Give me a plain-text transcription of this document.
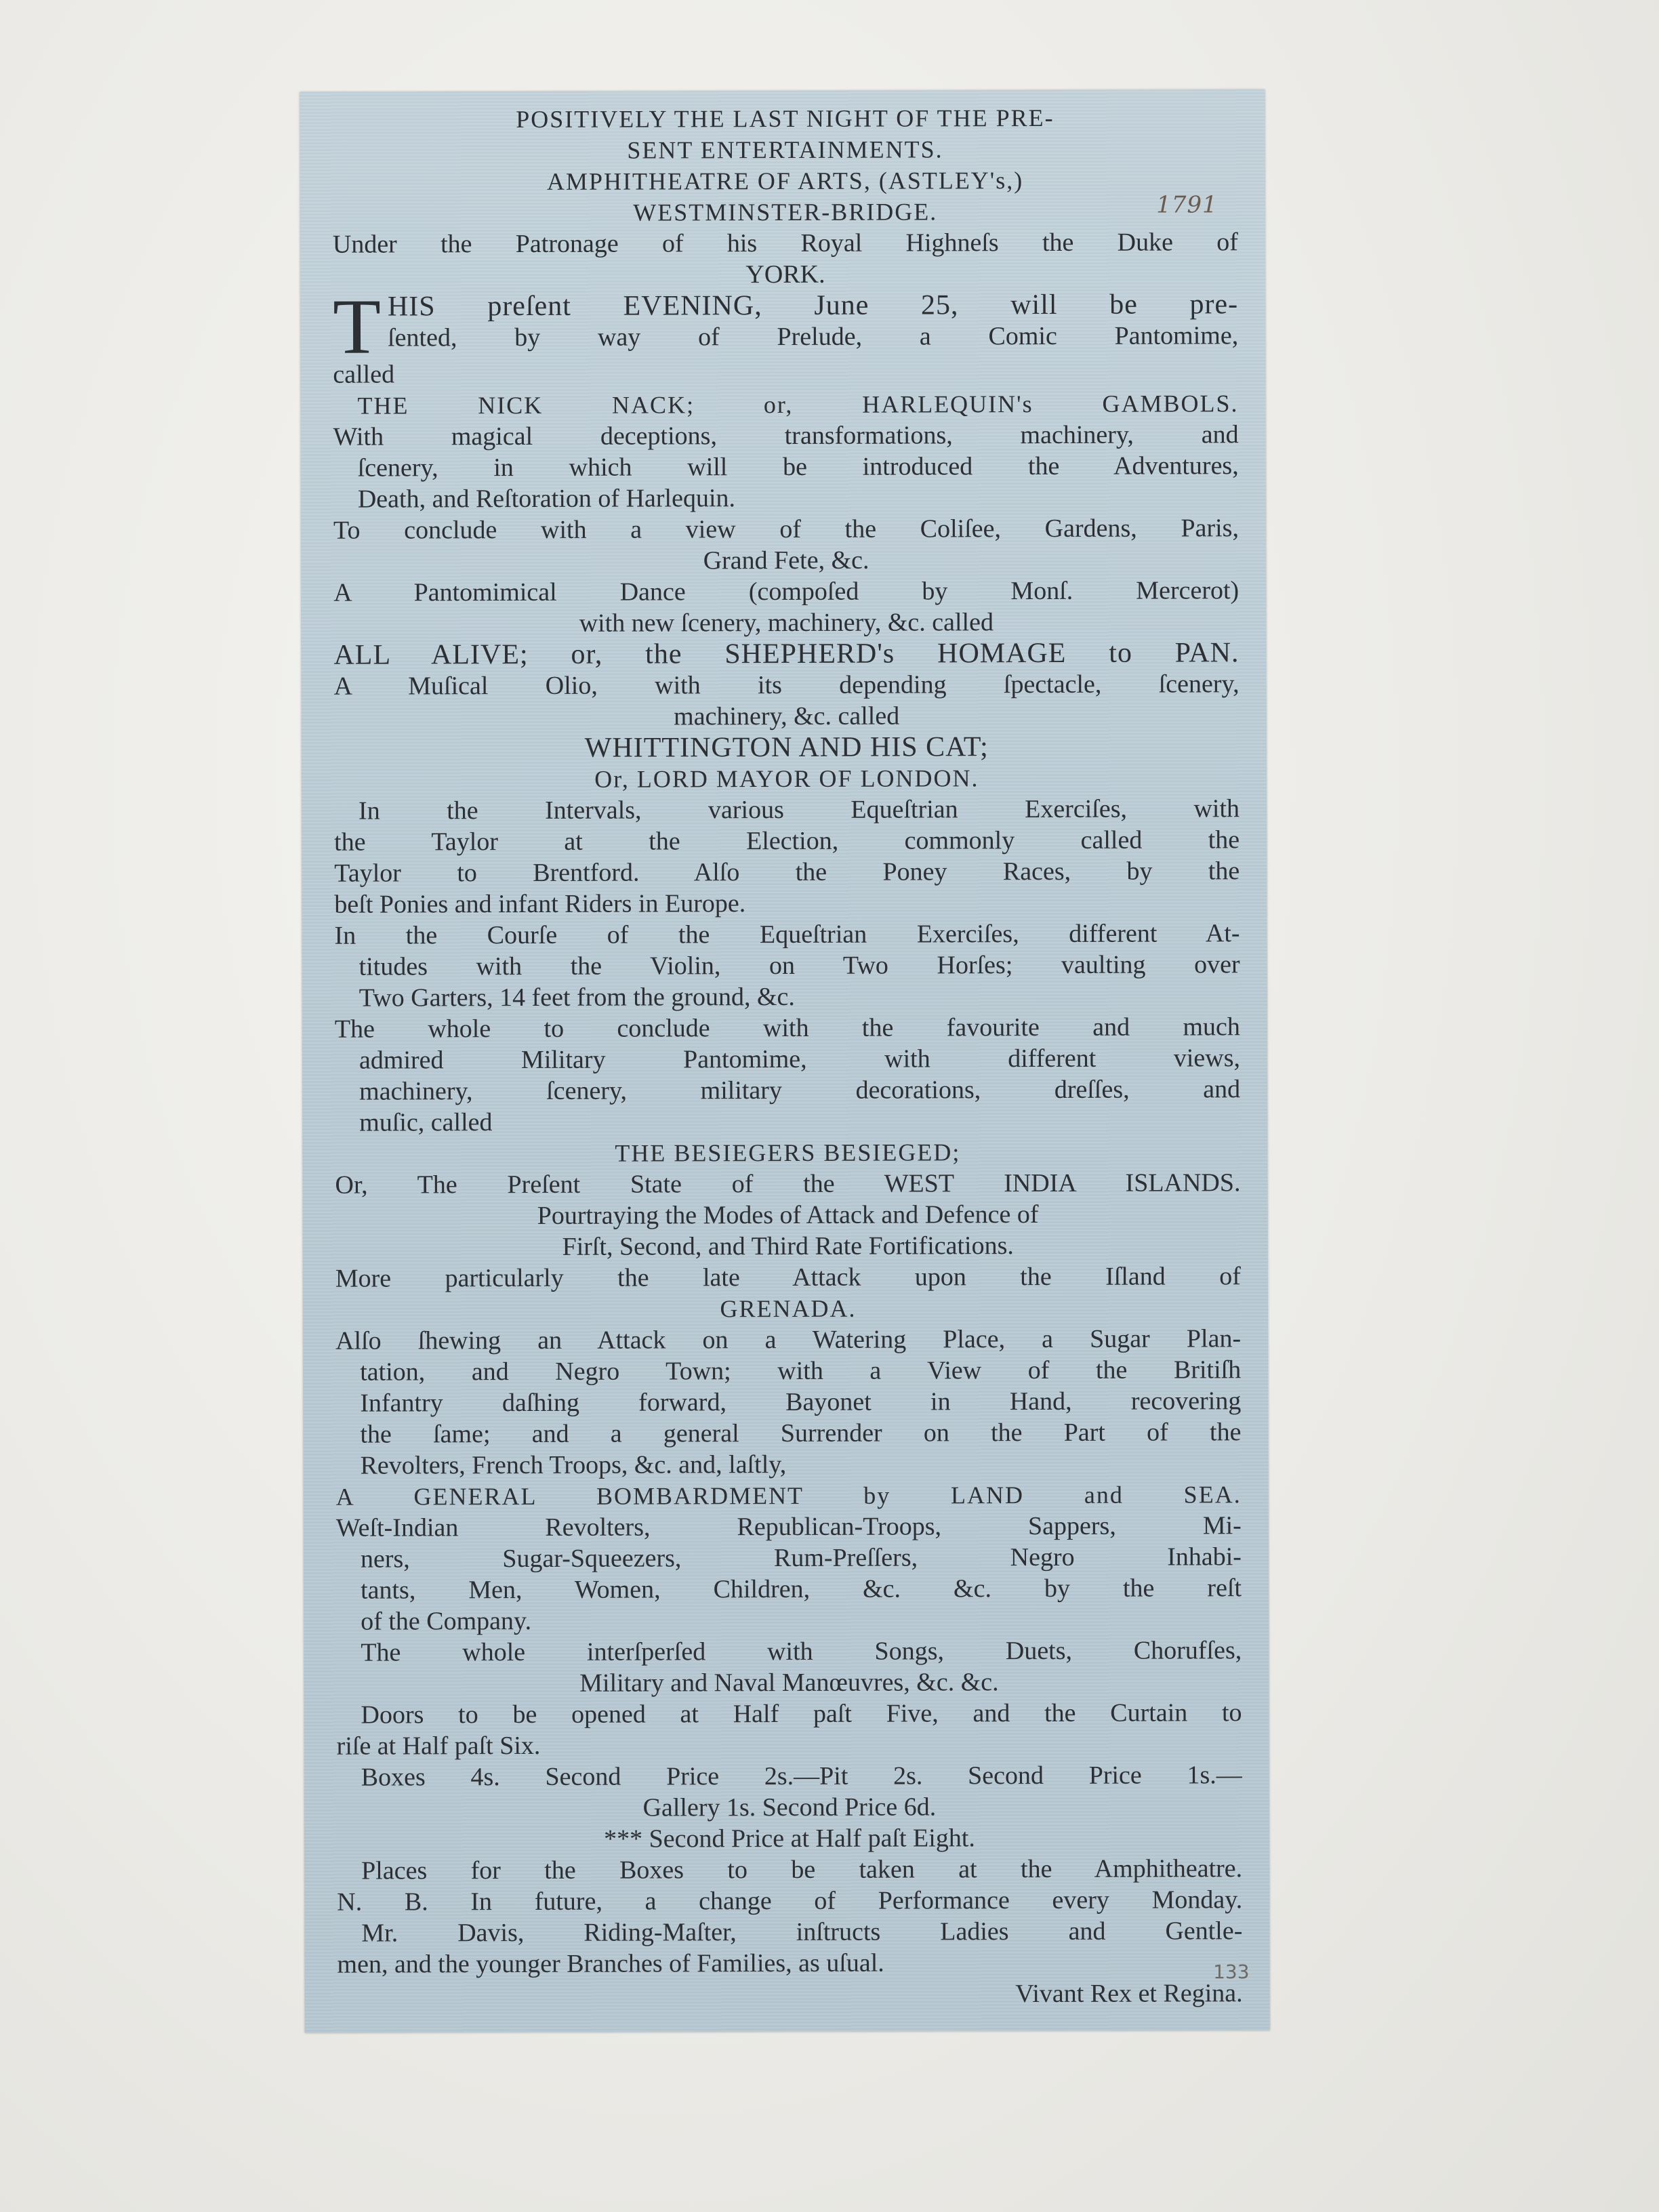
1791

POSITIVELY THE LAST NIGHT OF THE PRE-

SENT ENTERTAINMENTS.

AMPHITHEATRE OF ARTS, (ASTLEY's,)

WESTMINSTER-BRIDGE.

Under the Patronage of his Royal Highneſs the Duke of

YORK.

T HIS preſent EVENING, June 25, will be pre-

ſented, by way of Prelude, a Comic Pantomime,

called

THE NICK NACK; or, HARLEQUIN's GAMBOLS.

With magical deceptions, transformations, machinery, and

ſcenery, in which will be introduced the Adventures,

Death, and Reſtoration of Harlequin.

To conclude with a view of the Coliſee, Gardens, Paris,

Grand Fete, &c.

A Pantomimical Dance (compoſed by Monſ. Mercerot)

with new ſcenery, machinery, &c. called

ALL ALIVE; or, the SHEPHERD's HOMAGE to PAN.

A Muſical Olio, with its depending ſpectacle, ſcenery,

machinery, &c. called

WHITTINGTON AND HIS CAT;

Or, LORD MAYOR OF LONDON.

In the Intervals, various Equeſtrian Exerciſes, with

the Taylor at the Election, commonly called the

Taylor to Brentford. Alſo the Poney Races, by the

beſt Ponies and infant Riders in Europe.

In the Courſe of the Equeſtrian Exerciſes, different At-

titudes with the Violin, on Two Horſes; vaulting over

Two Garters, 14 feet from the ground, &c.

The whole to conclude with the favourite and much

admired Military Pantomime, with different views,

machinery, ſcenery, military decorations, dreſſes, and

muſic, called

THE BESIEGERS BESIEGED;

Or, The Preſent State of the WEST INDIA ISLANDS.

Pourtraying the Modes of Attack and Defence of

Firſt, Second, and Third Rate Fortifications.

More particularly the late Attack upon the Iſland of

GRENADA.

Alſo ſhewing an Attack on a Watering Place, a Sugar Plan-

tation, and Negro Town; with a View of the Britiſh

Infantry daſhing forward, Bayonet in Hand, recovering

the ſame; and a general Surrender on the Part of the

Revolters, French Troops, &c. and, laſtly,

A GENERAL BOMBARDMENT by LAND and SEA.

Weſt-Indian Revolters, Republican-Troops, Sappers, Mi-

ners, Sugar-Squeezers, Rum-Preſſers, Negro Inhabi-

tants, Men, Women, Children, &c. &c. by the reſt

of the Company.

The whole interſperſed with Songs, Duets, Chorufſes,

Military and Naval Manœuvres, &c. &c.

Doors to be opened at Half paſt Five, and the Curtain to

riſe at Half paſt Six.

Boxes 4s. Second Price 2s.—Pit 2s. Second Price 1s.—

Gallery 1s. Second Price 6d.

*** Second Price at Half paſt Eight.

Places for the Boxes to be taken at the Amphitheatre.

N. B. In future, a change of Performance every Monday.

Mr. Davis, Riding-Maſter, inſtructs Ladies and Gentle-

men, and the younger Branches of Families, as uſual.

Vivant Rex et Regina.

133
